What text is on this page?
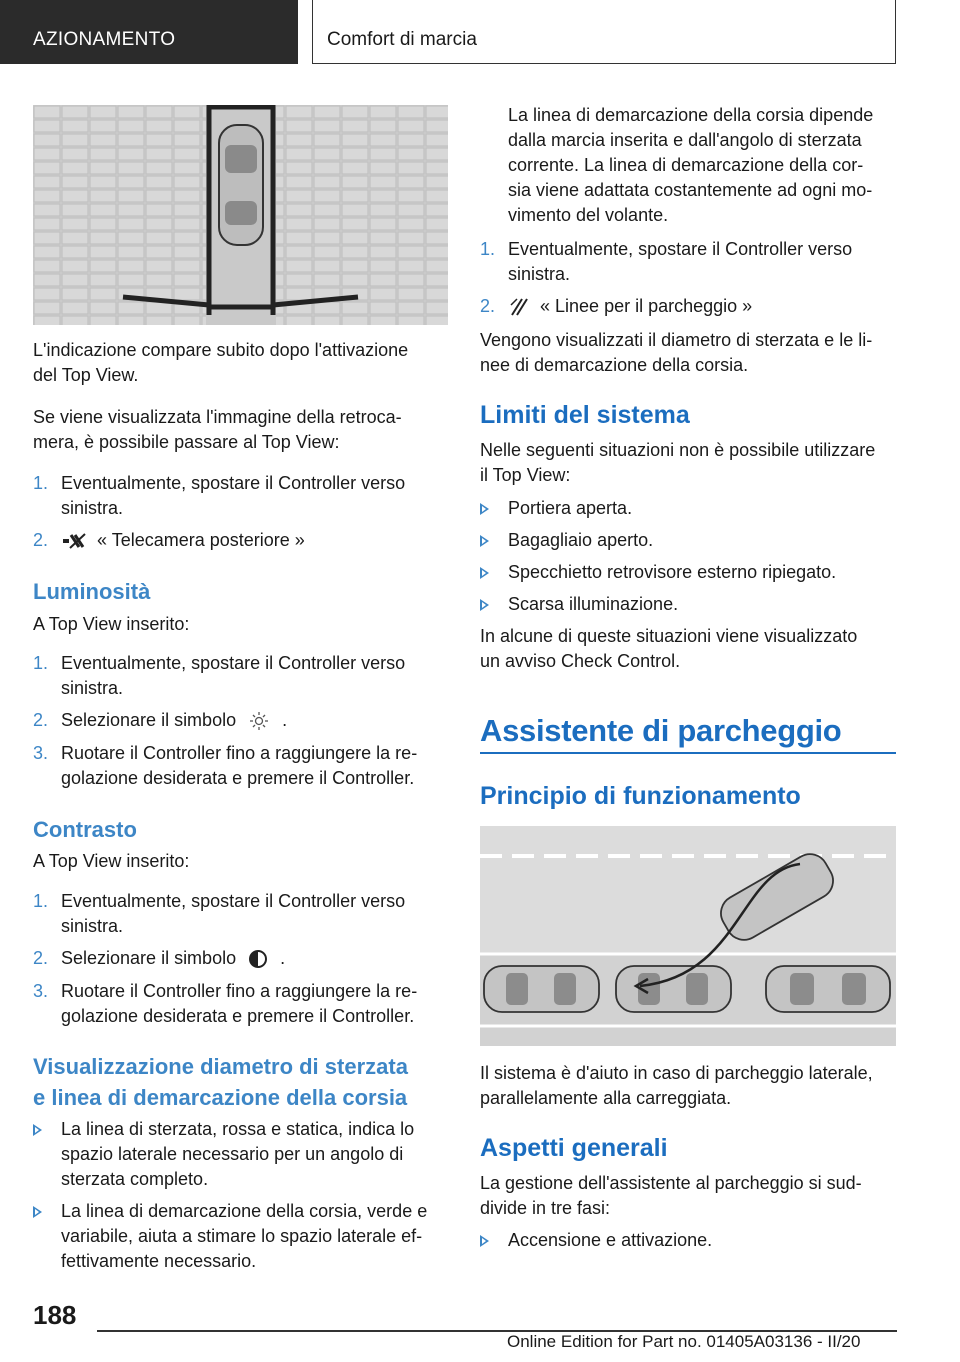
AZIONAMENTO	Comfort di marcia
L'indicazione compare subito dopo l'attivazione
del Top View.
Se viene visualizzata l'immagine della retroca-
mera, è possibile passare al Top View:
1. Eventualmente, spostare il Controller verso
sinistra.
2.	« Telecamera posteriore »
Luminosità
A Top View inserito:
1. Eventualmente, spostare il Controller verso
sinistra.
2. Selezionare il simbolo	.
3. Ruotare il Controller fino a raggiungere la re-
golazione desiderata e premere il Controller.
Contrasto
A Top View inserito:
1. Eventualmente, spostare il Controller verso
sinistra.
2. Selezionare il simbolo .
3. Ruotare il Controller fino a raggiungere la re-
golazione desiderata e premere il Controller.
Visualizzazione diametro di sterzata
e linea di demarcazione della corsia
La linea di sterzata, rossa e statica, indica lo
spazio laterale necessario per un angolo di
sterzata completo.
La linea di demarcazione della corsia, verde e
variabile, aiuta a stimare lo spazio laterale ef-
fettivamente necessario.
La linea di demarcazione della corsia dipende
dalla marcia inserita e dall'angolo di sterzata
corrente. La linea di demarcazione della cor-
sia viene adattata costantemente ad ogni mo-
vimento del volante.
1. Eventualmente, spostare il Controller verso
sinistra.
2.	« Linee per il parcheggio »
Vengono visualizzati il diametro di sterzata e le li-
nee di demarcazione della corsia.
Limiti del sistema
Nelle seguenti situazioni non è possibile utilizzare
il Top View:
Portiera aperta.
Bagagliaio aperto.
Specchietto retrovisore esterno ripiegato.
Scarsa illuminazione.
In alcune di queste situazioni viene visualizzato
un avviso Check Control.
Assistente di parcheggio
Principio di funzionamento
Il sistema è d'aiuto in caso di parcheggio laterale,
parallelamente alla carreggiata.
Aspetti generali
La gestione dell'assistente al parcheggio si sud-
divide in tre fasi:
Accensione e attivazione.
188
Online Edition for Part no. 01405A03136 - II/20
